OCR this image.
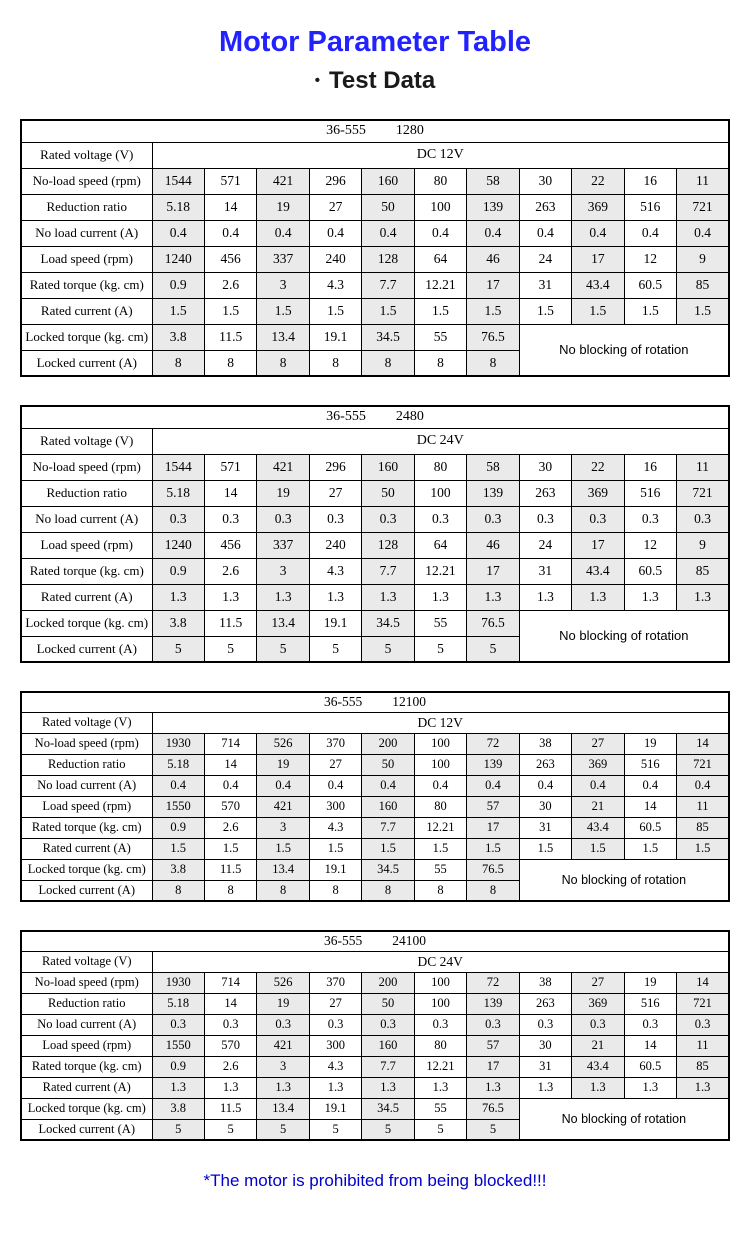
Motor Parameter Table
• Test Data
36-555 1280											
Rated voltage (V)	DC 12V										
No-load speed (rpm)	1544	571	421	296	160	80	58	30	22	16	11
Reduction ratio	5.18	14	19	27	50	100	139	263	369	516	721
No load current (A)	0.4	0.4	0.4	0.4	0.4	0.4	0.4	0.4	0.4	0.4	0.4
Load speed (rpm)	1240	456	337	240	128	64	46	24	17	12	9
Rated torque (kg. cm)	0.9	2.6	3	4.3	7.7	12.21	17	31	43.4	60.5	85
Rated current (A)	1.5	1.5	1.5	1.5	1.5	1.5	1.5	1.5	1.5	1.5	1.5
Locked torque (kg. cm)	3.8	11.5	13.4	19.1	34.5	55	76.5	No blocking of rotation			
Locked current (A)	8	8	8	8	8	8	8				
36-555 2480											
Rated voltage (V)	DC 24V										
No-load speed (rpm)	1544	571	421	296	160	80	58	30	22	16	11
Reduction ratio	5.18	14	19	27	50	100	139	263	369	516	721
No load current (A)	0.3	0.3	0.3	0.3	0.3	0.3	0.3	0.3	0.3	0.3	0.3
Load speed (rpm)	1240	456	337	240	128	64	46	24	17	12	9
Rated torque (kg. cm)	0.9	2.6	3	4.3	7.7	12.21	17	31	43.4	60.5	85
Rated current (A)	1.3	1.3	1.3	1.3	1.3	1.3	1.3	1.3	1.3	1.3	1.3
Locked torque (kg. cm)	3.8	11.5	13.4	19.1	34.5	55	76.5	No blocking of rotation			
Locked current (A)	5	5	5	5	5	5	5				
36-555 12100											
Rated voltage (V)	DC 12V										
No-load speed (rpm)	1930	714	526	370	200	100	72	38	27	19	14
Reduction ratio	5.18	14	19	27	50	100	139	263	369	516	721
No load current (A)	0.4	0.4	0.4	0.4	0.4	0.4	0.4	0.4	0.4	0.4	0.4
Load speed (rpm)	1550	570	421	300	160	80	57	30	21	14	11
Rated torque (kg. cm)	0.9	2.6	3	4.3	7.7	12.21	17	31	43.4	60.5	85
Rated current (A)	1.5	1.5	1.5	1.5	1.5	1.5	1.5	1.5	1.5	1.5	1.5
Locked torque (kg. cm)	3.8	11.5	13.4	19.1	34.5	55	76.5	No blocking of rotation			
Locked current (A)	8	8	8	8	8	8	8				
36-555 24100											
Rated voltage (V)	DC 24V										
No-load speed (rpm)	1930	714	526	370	200	100	72	38	27	19	14
Reduction ratio	5.18	14	19	27	50	100	139	263	369	516	721
No load current (A)	0.3	0.3	0.3	0.3	0.3	0.3	0.3	0.3	0.3	0.3	0.3
Load speed (rpm)	1550	570	421	300	160	80	57	30	21	14	11
Rated torque (kg. cm)	0.9	2.6	3	4.3	7.7	12.21	17	31	43.4	60.5	85
Rated current (A)	1.3	1.3	1.3	1.3	1.3	1.3	1.3	1.3	1.3	1.3	1.3
Locked torque (kg. cm)	3.8	11.5	13.4	19.1	34.5	55	76.5	No blocking of rotation			
Locked current (A)	5	5	5	5	5	5	5				
*The motor is prohibited from being blocked!!!
